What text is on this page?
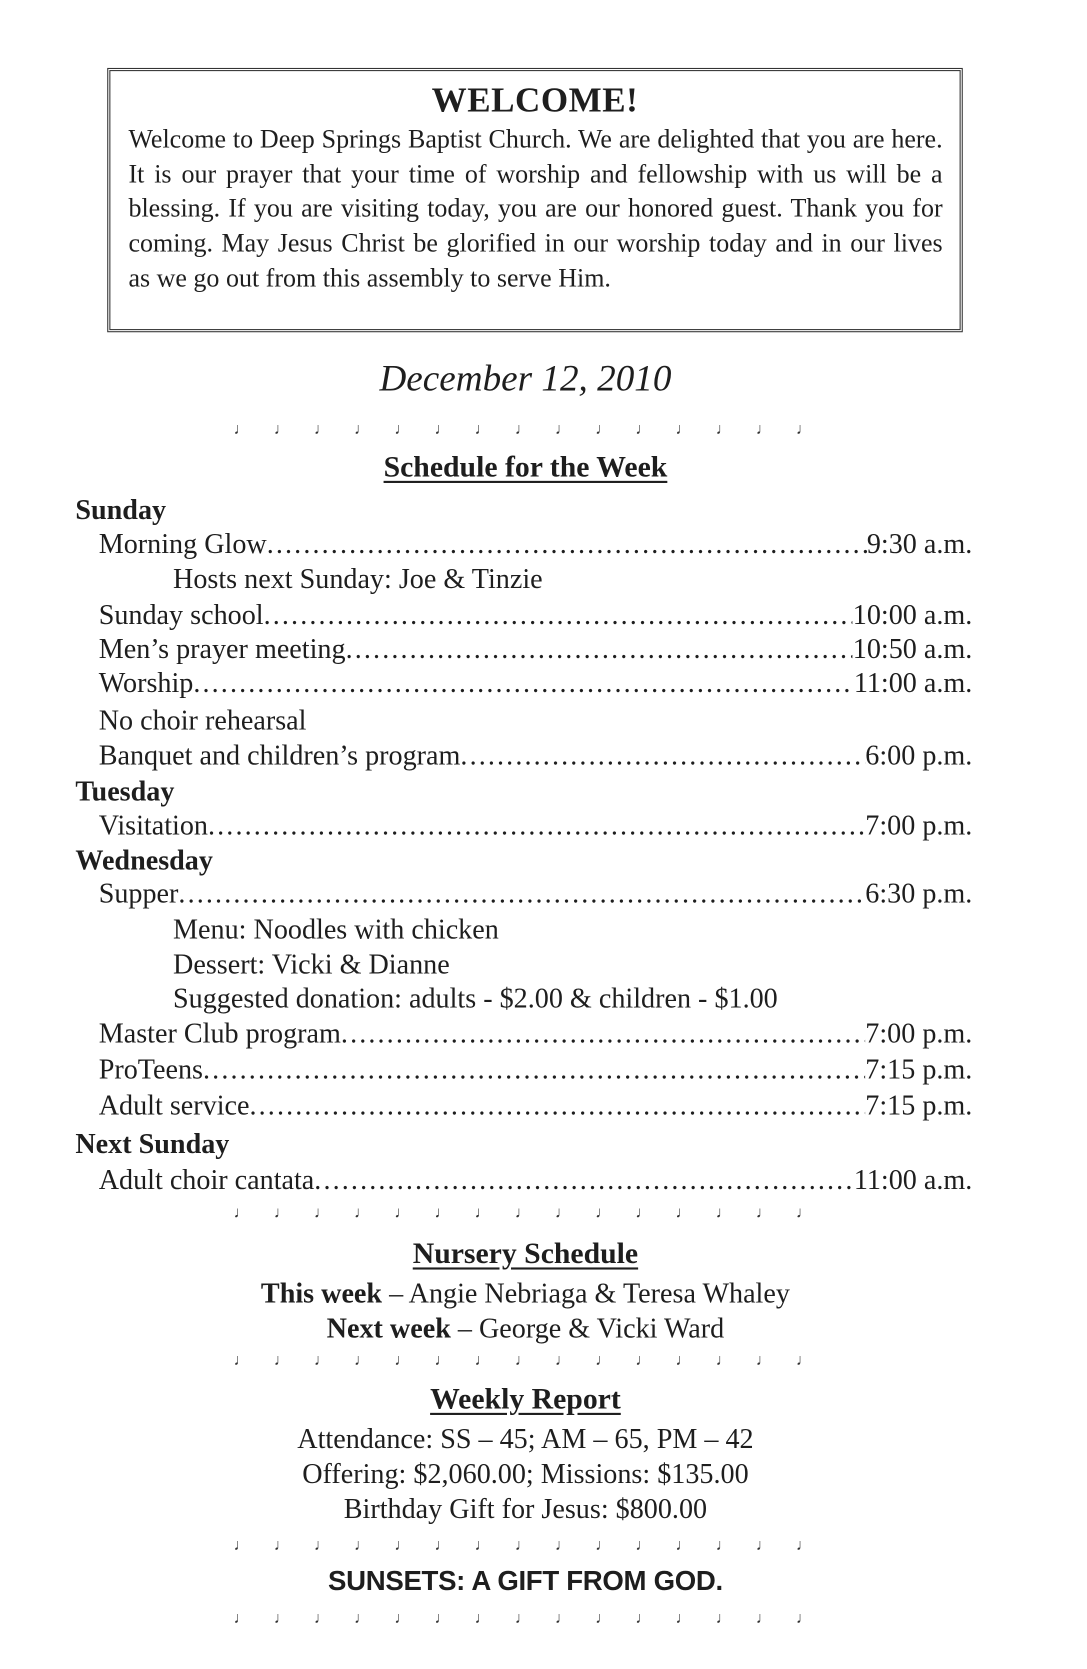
WELCOME!

Welcome to Deep Springs Baptist Church. We are delighted that you are here. It is our prayer that your time of worship and fellowship with us will be a blessing. If you are visiting today, you are our honored guest. Thank you for coming. May Jesus Christ be glorified in our worship today and in our lives as we go out from this assembly to serve Him.

December 12, 2010
♩ ♩ ♩ ♩ ♩ ♩ ♩ ♩ ♩ ♩ ♩ ♩ ♩ ♩ ♩
Schedule for the Week
Sunday
Morning Glow .....	9:30 a.m.
Hosts next Sunday: Joe & Tinzie
Sunday school .....	10:00 a.m.
Men’s prayer meeting .....	10:50 a.m.
Worship .....	11:00 a.m.
No choir rehearsal
Banquet and children’s program .....	6:00 p.m.
Tuesday
Visitation .....	7:00 p.m.
Wednesday
Supper .....	6:30 p.m.
Menu: Noodles with chicken
Dessert: Vicki & Dianne
Suggested donation: adults - $2.00 & children - $1.00
Master Club program .....	7:00 p.m.
ProTeens .....	7:15 p.m.
Adult service .....	7:15 p.m.
Next Sunday
Adult choir cantata .....	11:00 a.m.
♩ ♩ ♩ ♩ ♩ ♩ ♩ ♩ ♩ ♩ ♩ ♩ ♩ ♩ ♩
Nursery Schedule
This week – Angie Nebriaga & Teresa Whaley
Next week – George & Vicki Ward
♩ ♩ ♩ ♩ ♩ ♩ ♩ ♩ ♩ ♩ ♩ ♩ ♩ ♩ ♩
Weekly Report
Attendance: SS – 45; AM – 65, PM – 42
Offering: $2,060.00; Missions: $135.00
Birthday Gift for Jesus: $800.00
♩ ♩ ♩ ♩ ♩ ♩ ♩ ♩ ♩ ♩ ♩ ♩ ♩ ♩ ♩
SUNSETS: A GIFT FROM GOD.
♩ ♩ ♩ ♩ ♩ ♩ ♩ ♩ ♩ ♩ ♩ ♩ ♩ ♩ ♩
